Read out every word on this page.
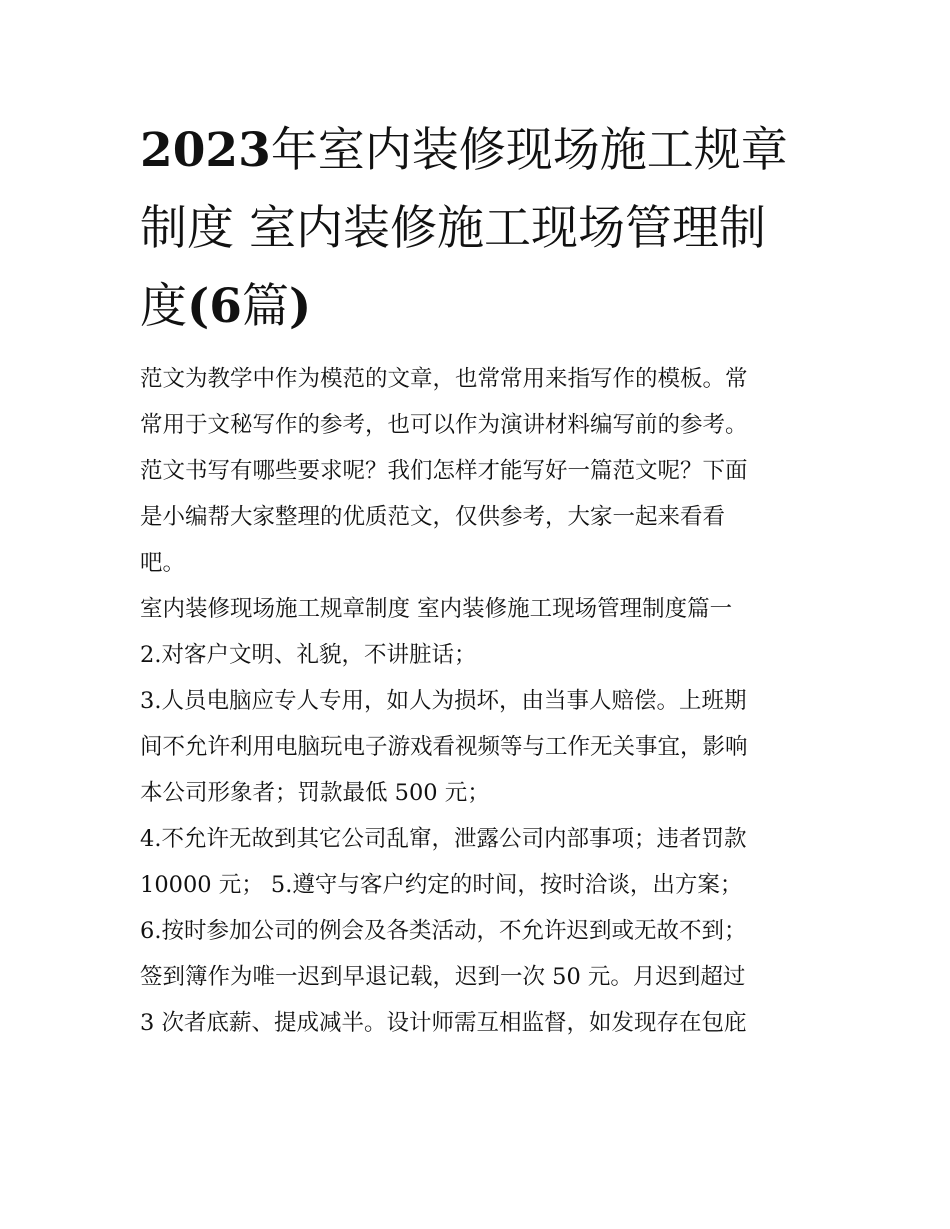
2023年室内装修现场施工规章
制度 室内装修施工现场管理制
度(6篇)

范文为教学中作为模范的文章，也常常用来指写作的模板。常

常用于文秘写作的参考，也可以作为演讲材料编写前的参考。

范文书写有哪些要求呢？我们怎样才能写好一篇范文呢？下面

是小编帮大家整理的优质范文，仅供参考，大家一起来看看

吧。

室内装修现场施工规章制度 室内装修施工现场管理制度篇一

2.对客户文明、礼貌，不讲脏话；

3.人员电脑应专人专用，如人为损坏，由当事人赔偿。上班期

间不允许利用电脑玩电子游戏看视频等与工作无关事宜，影响

本公司形象者；罚款最低 500 元；

4.不允许无故到其它公司乱窜，泄露公司内部事项；违者罚款

10000 元； 5.遵守与客户约定的时间，按时洽谈，出方案；

6.按时参加公司的例会及各类活动，不允许迟到或无故不到；

签到簿作为唯一迟到早退记载，迟到一次 50 元。月迟到超过

3 次者底薪、提成减半。设计师需互相监督，如发现存在包庇
